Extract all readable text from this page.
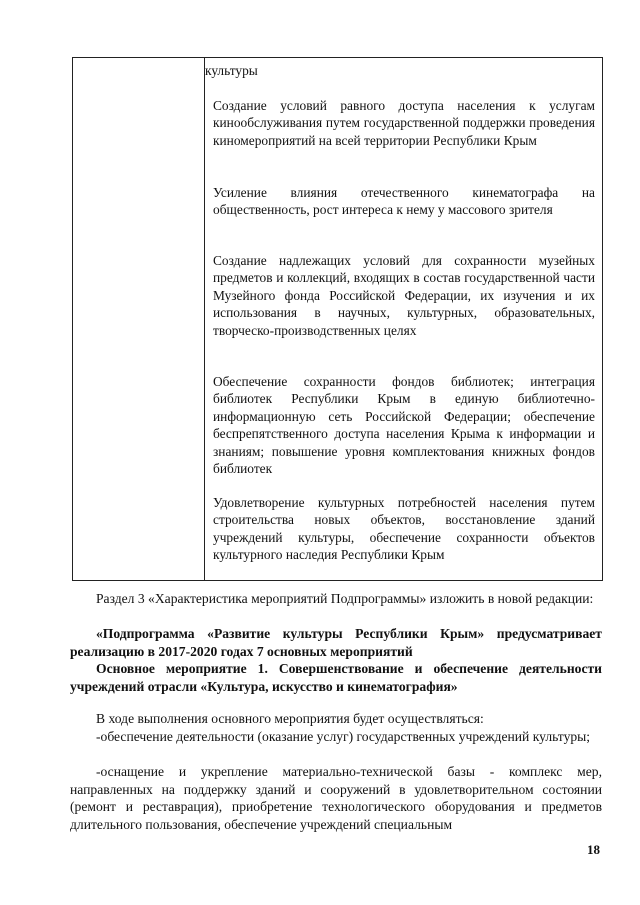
культуры
Создание условий равного доступа населения к услугам кинообслуживания путем государственной поддержки проведения киномероприятий на всей территории Республики Крым
Усиление влияния отечественного кинематографа на общественность, рост интереса к нему у массового зрителя
Создание надлежащих условий для сохранности музейных предметов и коллекций, входящих в состав государственной части Музейного фонда Российской Федерации, их изучения и их использования в научных, культурных, образовательных, творческо-производственных целях
Обеспечение сохранности фондов библиотек; интеграция библиотек Республики Крым в единую библиотечно-информационную сеть Российской Федерации; обеспечение беспрепятственного доступа населения Крыма к информации и знаниям; повышение уровня комплектования книжных фондов библиотек
Удовлетворение культурных потребностей населения путем строительства новых объектов, восстановление зданий учреждений культуры, обеспечение сохранности объектов культурного наследия Республики Крым
Раздел 3 «Характеристика мероприятий Подпрограммы» изложить в новой редакции:
«Подпрограмма «Развитие культуры Республики Крым» предусматривает реализацию в 2017-2020 годах 7 основных мероприятий
Основное мероприятие 1. Совершенствование и обеспечение деятельности учреждений отрасли «Культура, искусство и кинематография»
В ходе выполнения основного мероприятия будет осуществляться:
-обеспечение деятельности (оказание услуг) государственных учреждений культуры;
-оснащение и укрепление материально-технической базы - комплекс мер, направленных на поддержку зданий и сооружений в удовлетворительном состоянии (ремонт и реставрация), приобретение технологического оборудования и предметов длительного пользования, обеспечение учреждений специальным
18
